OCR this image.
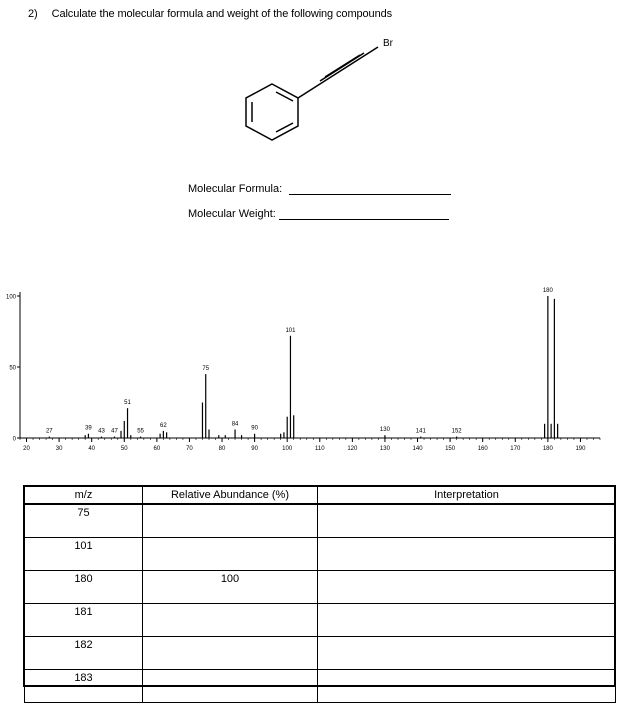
2) Calculate the molecular formula and weight of the following compounds
Br
Molecular Formula:
Molecular Weight:
0
50
100
20	30	40	50	60	70	80	90	100	110	120	130	140	150	160	170	180	190
27	39 43 47
51
55
62
75
84
90
101
130	141	152
180
m/z	Relative Abundance (%)	Interpretation
75		
101		
180	100	
181		
182		
183		
